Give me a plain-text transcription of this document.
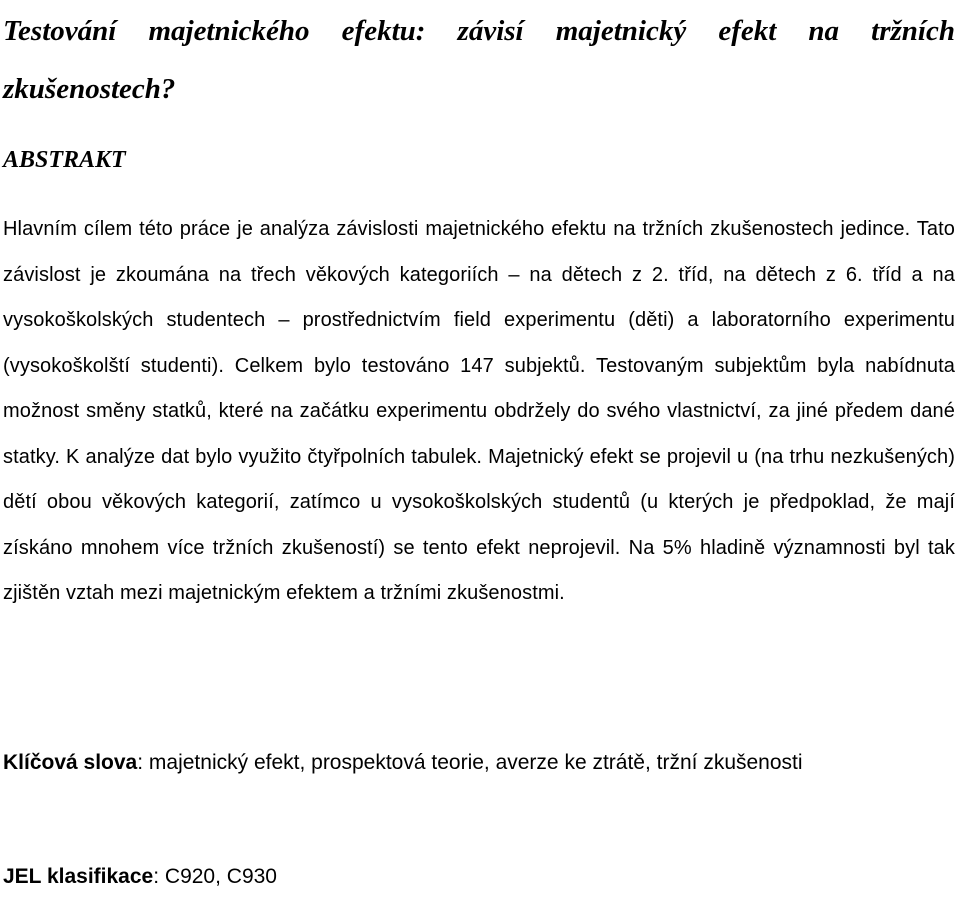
Testování majetnického efektu: závisí majetnický efekt na tržních zkušenostech?
ABSTRAKT

Hlavním cílem této práce je analýza závislosti majetnického efektu na tržních zkušenostech jedince. Tato závislost je zkoumána na třech věkových kategoriích – na dětech z 2. tříd, na dětech z 6. tříd a na vysokoškolských studentech – prostřednictvím field experimentu (děti) a laboratorního experimentu (vysokoškolští studenti). Celkem bylo testováno 147 subjektů. Testovaným subjektům byla nabídnuta možnost směny statků, které na začátku experimentu obdržely do svého vlastnictví, za jiné předem dané statky. K analýze dat bylo využito čtyřpolních tabulek. Majetnický efekt se projevil u (na trhu nezkušených) dětí obou věkových kategorií, zatímco u vysokoškolských studentů (u kterých je předpoklad, že mají získáno mnohem více tržních zkušeností) se tento efekt neprojevil. Na 5% hladině významnosti byl tak zjištěn vztah mezi majetnickým efektem a tržními zkušenostmi.

Klíčová slova: majetnický efekt, prospektová teorie, averze ke ztrátě, tržní zkušenosti

JEL klasifikace: C920, C930
